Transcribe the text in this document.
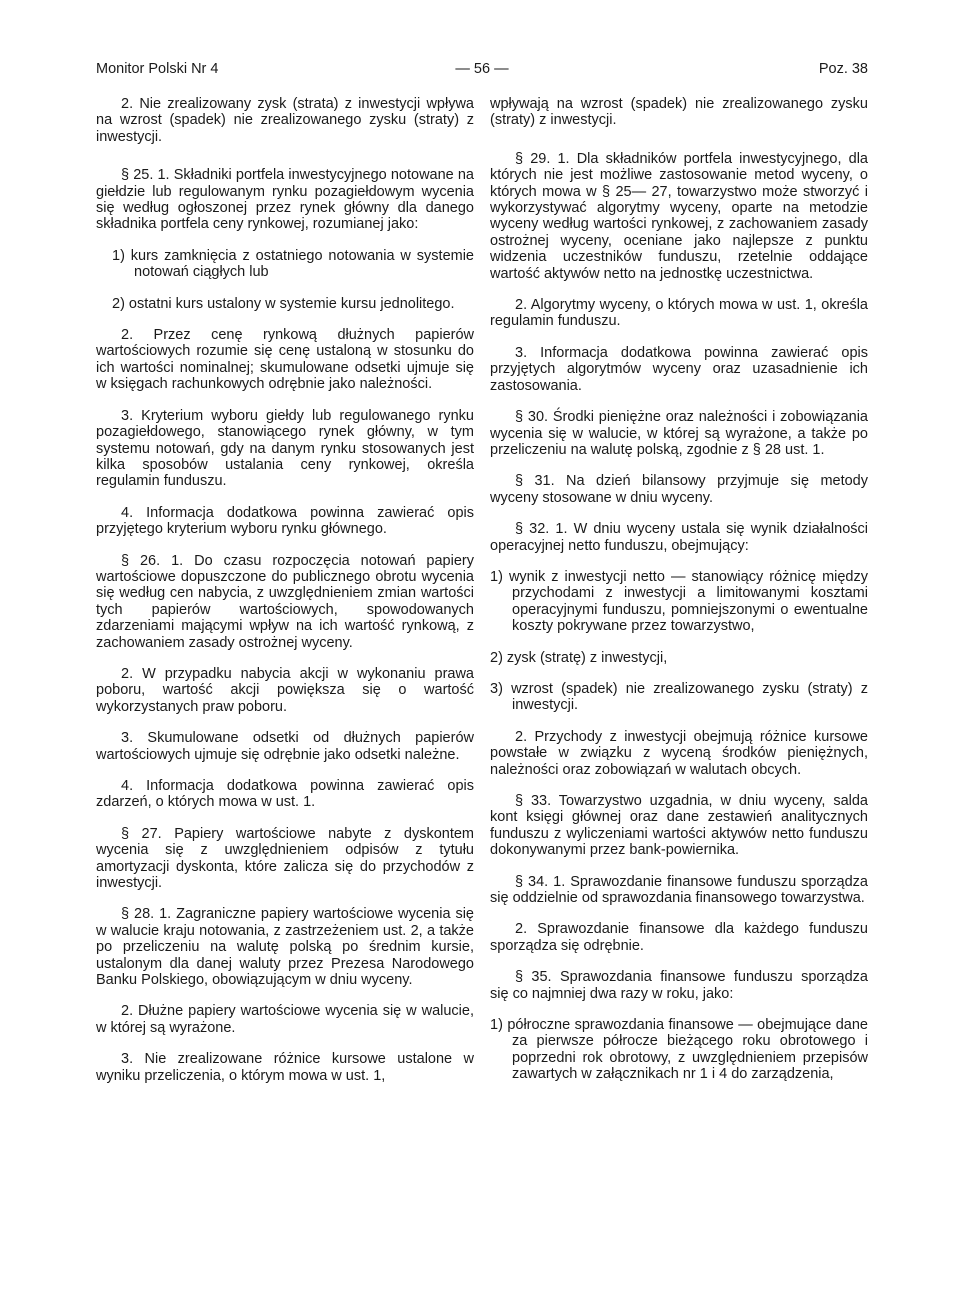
Monitor Polski Nr 4	— 56 —	Poz. 38

2. Nie zrealizowany zysk (strata) z inwestycji wpływa na wzrost (spadek) nie zrealizowanego zysku (straty) z inwestycji.

§ 25. 1. Składniki portfela inwestycyjnego notowane na giełdzie lub regulowanym rynku pozagiełdowym wycenia się według ogłoszonej przez rynek główny dla danego składnika portfela ceny rynkowej, rozumianej jako:

1) kurs zamknięcia z ostatniego notowania w systemie notowań ciągłych lub

2) ostatni kurs ustalony w systemie kursu jednolitego.

2. Przez cenę rynkową dłużnych papierów wartościowych rozumie się cenę ustaloną w stosunku do ich wartości nominalnej; skumulowane odsetki ujmuje się w księgach rachunkowych odrębnie jako należności.

3. Kryterium wyboru giełdy lub regulowanego rynku pozagiełdowego, stanowiącego rynek główny, w tym systemu notowań, gdy na danym rynku stosowanych jest kilka sposobów ustalania ceny rynkowej, określa regulamin funduszu.

4. Informacja dodatkowa powinna zawierać opis przyjętego kryterium wyboru rynku głównego.

§ 26. 1. Do czasu rozpoczęcia notowań papiery wartościowe dopuszczone do publicznego obrotu wycenia się według cen nabycia, z uwzględnieniem zmian wartości tych papierów wartościowych, spowodowanych zdarzeniami mającymi wpływ na ich wartość rynkową, z zachowaniem zasady ostrożnej wyceny.

2. W przypadku nabycia akcji w wykonaniu prawa poboru, wartość akcji powiększa się o wartość wykorzystanych praw poboru.

3. Skumulowane odsetki od dłużnych papierów wartościowych ujmuje się odrębnie jako odsetki należne.

4. Informacja dodatkowa powinna zawierać opis zdarzeń, o których mowa w ust. 1.

§ 27. Papiery wartościowe nabyte z dyskontem wycenia się z uwzględnieniem odpisów z tytułu amortyzacji dyskonta, które zalicza się do przychodów z inwestycji.

§ 28. 1. Zagraniczne papiery wartościowe wycenia się w walucie kraju notowania, z zastrzeżeniem ust. 2, a także po przeliczeniu na walutę polską po średnim kursie, ustalonym dla danej waluty przez Prezesa Narodowego Banku Polskiego, obowiązującym w dniu wyceny.

2. Dłużne papiery wartościowe wycenia się w walucie, w której są wyrażone.

3. Nie zrealizowane różnice kursowe ustalone w wyniku przeliczenia, o którym mowa w ust. 1,

wpływają na wzrost (spadek) nie zrealizowanego zysku (straty) z inwestycji.

§ 29. 1. Dla składników portfela inwestycyjnego, dla których nie jest możliwe zastosowanie metod wyceny, o których mowa w § 25— 27, towarzystwo może stworzyć i wykorzystywać algorytmy wyceny, oparte na metodzie wyceny według wartości rynkowej, z zachowaniem zasady ostrożnej wyceny, oceniane jako najlepsze z punktu widzenia uczestników funduszu, rzetelnie oddające wartość aktywów netto na jednostkę uczestnictwa.

2. Algorytmy wyceny, o których mowa w ust. 1, określa regulamin funduszu.

3. Informacja dodatkowa powinna zawierać opis przyjętych algorytmów wyceny oraz uzasadnienie ich zastosowania.

§ 30. Środki pieniężne oraz należności i zobowiązania wycenia się w walucie, w której są wyrażone, a także po przeliczeniu na walutę polską, zgodnie z § 28 ust. 1.

§ 31. Na dzień bilansowy przyjmuje się metody wyceny stosowane w dniu wyceny.

§ 32. 1. W dniu wyceny ustala się wynik działalności operacyjnej netto funduszu, obejmujący:

1) wynik z inwestycji netto — stanowiący różnicę między przychodami z inwestycji a limitowanymi kosztami operacyjnymi funduszu, pomniejszonymi o ewentualne koszty pokrywane przez towarzystwo,

2) zysk (stratę) z inwestycji,

3) wzrost (spadek) nie zrealizowanego zysku (straty) z inwestycji.

2. Przychody z inwestycji obejmują różnice kursowe powstałe w związku z wyceną środków pieniężnych, należności oraz zobowiązań w walutach obcych.

§ 33. Towarzystwo uzgadnia, w dniu wyceny, salda kont księgi głównej oraz dane zestawień analitycznych funduszu z wyliczeniami wartości aktywów netto funduszu dokonywanymi przez bank-powiernika.

§ 34. 1. Sprawozdanie finansowe funduszu sporządza się oddzielnie od sprawozdania finansowego towarzystwa.

2. Sprawozdanie finansowe dla każdego funduszu sporządza się odrębnie.

§ 35. Sprawozdania finansowe funduszu sporządza się co najmniej dwa razy w roku, jako:

1) półroczne sprawozdania finansowe — obejmujące dane za pierwsze półrocze bieżącego roku obrotowego i poprzedni rok obrotowy, z uwzględnieniem przepisów zawartych w załącznikach nr 1 i 4 do zarządzenia,
